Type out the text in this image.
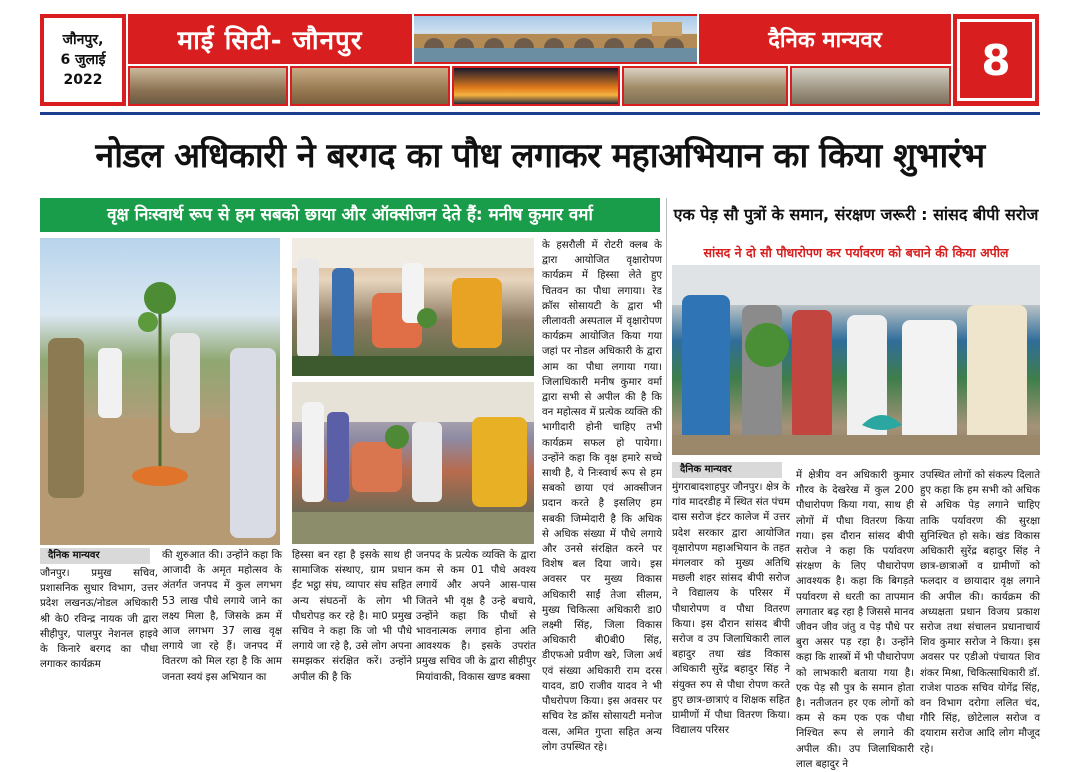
जौनपुर,
6 जुलाई
2022
माई सिटी- जौनपुर	दैनिक मान्यवर	8
नोडल अधिकारी ने बरगद का पौध लगाकर महाअभियान का किया शुभारंभ
वृक्ष निःस्वार्थ रूप से हम सबको छाया और ऑक्सीजन देते हैं: मनीष कुमार वर्मा	एक पेड़ सौ पुत्रों के समान, संरक्षण जरूरी : सांसद बीपी सरोज
सांसद ने दो सौ पौधारोपण कर पर्यावरण को बचाने की किया अपील
दैनिक मान्यवर
दैनिक मान्यवर
जौनपुर। प्रमुख सचिव, प्रशासनिक सुधार विभाग, उत्तर प्रदेश लखनऊ/नोडल अधिकारी श्री के0 रविन्द्र नायक जी द्वारा सीहीपुर, पालपुर नेशनल हाइवे के किनारे बरगद का पौधा लगाकर कार्यक्रम
की शुरुआत की। उन्होंने कहा कि आजादी के अमृत महोत्सव के अंतर्गत जनपद में कुल लगभग 53 लाख पौधे लगाये जाने का लक्ष्य मिला है, जिसके क्रम में आज लगभग 37 लाख वृक्ष लगाये जा रहे हैं। जनपद में वितरण को मिल रहा है कि आम जनता स्वयं इस अभियान का
हिस्सा बन रहा है इसके साथ ही सामाजिक संस्थाए, ग्राम प्रधान ईंट भट्ठा संघ, व्यापार संघ सहित अन्य संघठनों के लोग भी पौधरोपड़ कर रहे है। मा0 प्रमुख सचिव ने कहा कि जो भी पौधे लगाये जा रहे है, उसे लोग अपना समझकर संरक्षित करें। उन्होंने अपील की है कि
जनपद के प्रत्येक व्यक्ति के द्वारा कम से कम 01 पौधे अवश्य लगायें और अपने आस-पास जितने भी वृक्ष है उन्हे बचाये, उन्होंने कहा कि पौधों से भावनात्मक लगाव होना अति आवश्यक है। इसके उपरांत प्रमुख सचिव जी के द्वारा सीहीपुर मियांवाकी, विकास खण्ड बक्सा
के हसरौली में रोटरी क्लब के द्वारा आयोजित वृक्षारोपण कार्यक्रम में हिस्सा लेते हुए चितवन का पौधा लगाया। रेड क्रॉस सोसायटी के द्वारा भी लीलावती अस्पताल में वृक्षारोपण कार्यक्रम आयोजित किया गया जहां पर नोडल अधिकारी के द्वारा आम का पौधा लगाया गया। जिलाधिकारी मनीष कुमार वर्मा द्वारा सभी से अपील की है कि वन महोत्सव में प्रत्येक व्यक्ति की भागीदारी होनी चाहिए तभी कार्यक्रम सफल हो पायेगा। उन्होंने कहा कि वृक्ष हमारे सच्चे साथी है, ये निःस्वार्थ रूप से हम सबको छाया एवं आक्सीजन प्रदान करते है इसलिए हम सबकी जिम्मेदारी है कि अधिक से अधिक संख्या में पौधे लगाये और उनसे संरक्षित करने पर विशेष बल दिया जाये। इस अवसर पर मुख्य विकास अधिकारी साईं तेजा सीलम, मुख्य चिकित्सा अधिकारी डा0 लक्ष्मी सिंह, जिला विकास अधिकारी बी0बी0 सिंह, डीएफओ प्रवीण खरे, जिला अर्थ एवं संख्या अधिकारी राम दरस यादव, डा0 राजीव यादव ने भी पौधरोपण किया। इस अवसर पर सचिव रेड क्रॉस सोसायटी मनोज वत्स, अमित गुप्ता सहित अन्य लोग उपस्थित रहे।
मुंगराबादशाहपुर जौनपुर। क्षेत्र के गांव मादरडीह में स्थित संत पंचम दास सरोज इंटर कालेज में उत्तर प्रदेश सरकार द्वारा आयोजित वृक्षारोपण महाअभियान के तहत मंगलवार को मुख्य अतिथि मछली शहर सांसद बीपी सरोज ने विद्यालय के परिसर में पौधारोपण व पौधा वितरण किया। इस दौरान सांसद बीपी सरोज व उप जिलाधिकारी लाल बहादुर तथा खंड विकास अधिकारी सुरेंद्र बहादुर सिंह ने संयुक्त रुप से पौधा रोपण करते हुए छात्र-छात्राएं व शिक्षक सहित ग्रामीणों में पौधा वितरण किया। विद्यालय परिसर
में क्षेत्रीय वन अधिकारी कुमार गौरव के देखरेख में कुल 200 पौधारोपण किया गया, साथ ही लोगों में पौधा वितरण किया गया। इस दौरान सांसद बीपी सरोज ने कहा कि पर्यावरण संरक्षण के लिए पौधारोपण आवश्यक है। कहा कि बिगड़ते पर्यावरण से धरती का तापमान लगातार बढ़ रहा है जिससे मानव जीवन जीव जंतु व पेड़ पौधे पर बुरा असर पड़ रहा है। उन्होंने कहा कि शास्त्रों में भी पौधारोपण को लाभकारी बताया गया है। एक पेड़ सौ पुत्र के समान होता है। नतीजतन हर एक लोगों को कम से कम एक एक पौधा निश्चित रूप से लगाने की अपील की। उप जिलाधिकारी लाल बहादुर ने
उपस्थित लोगों को संकल्प दिलाते हुए कहा कि हम सभी को अधिक से अधिक पेड़ लगाने चाहिए ताकि पर्यावरण की सुरक्षा सुनिश्चित हो सके। खंड विकास अधिकारी सुरेंद्र बहादुर सिंह ने छात्र-छात्राओं व ग्रामीणों को फलदार व छायादार वृक्ष लगाने की अपील की। कार्यक्रम की अध्यक्षता प्रधान विजय प्रकाश सरोज तथा संचालन प्रधानाचार्य शिव कुमार सरोज ने किया। इस अवसर पर एडीओ पंचायत शिव शंकर मिश्रा, चिकित्साधिकारी डॉ. राजेश पाठक सचिव योगेंद्र सिंह, वन विभाग दरोगा ललित चंद, गौरि सिंह, छोटेलाल सरोज व दयाराम सरोज आदि लोग मौजूद रहे।
